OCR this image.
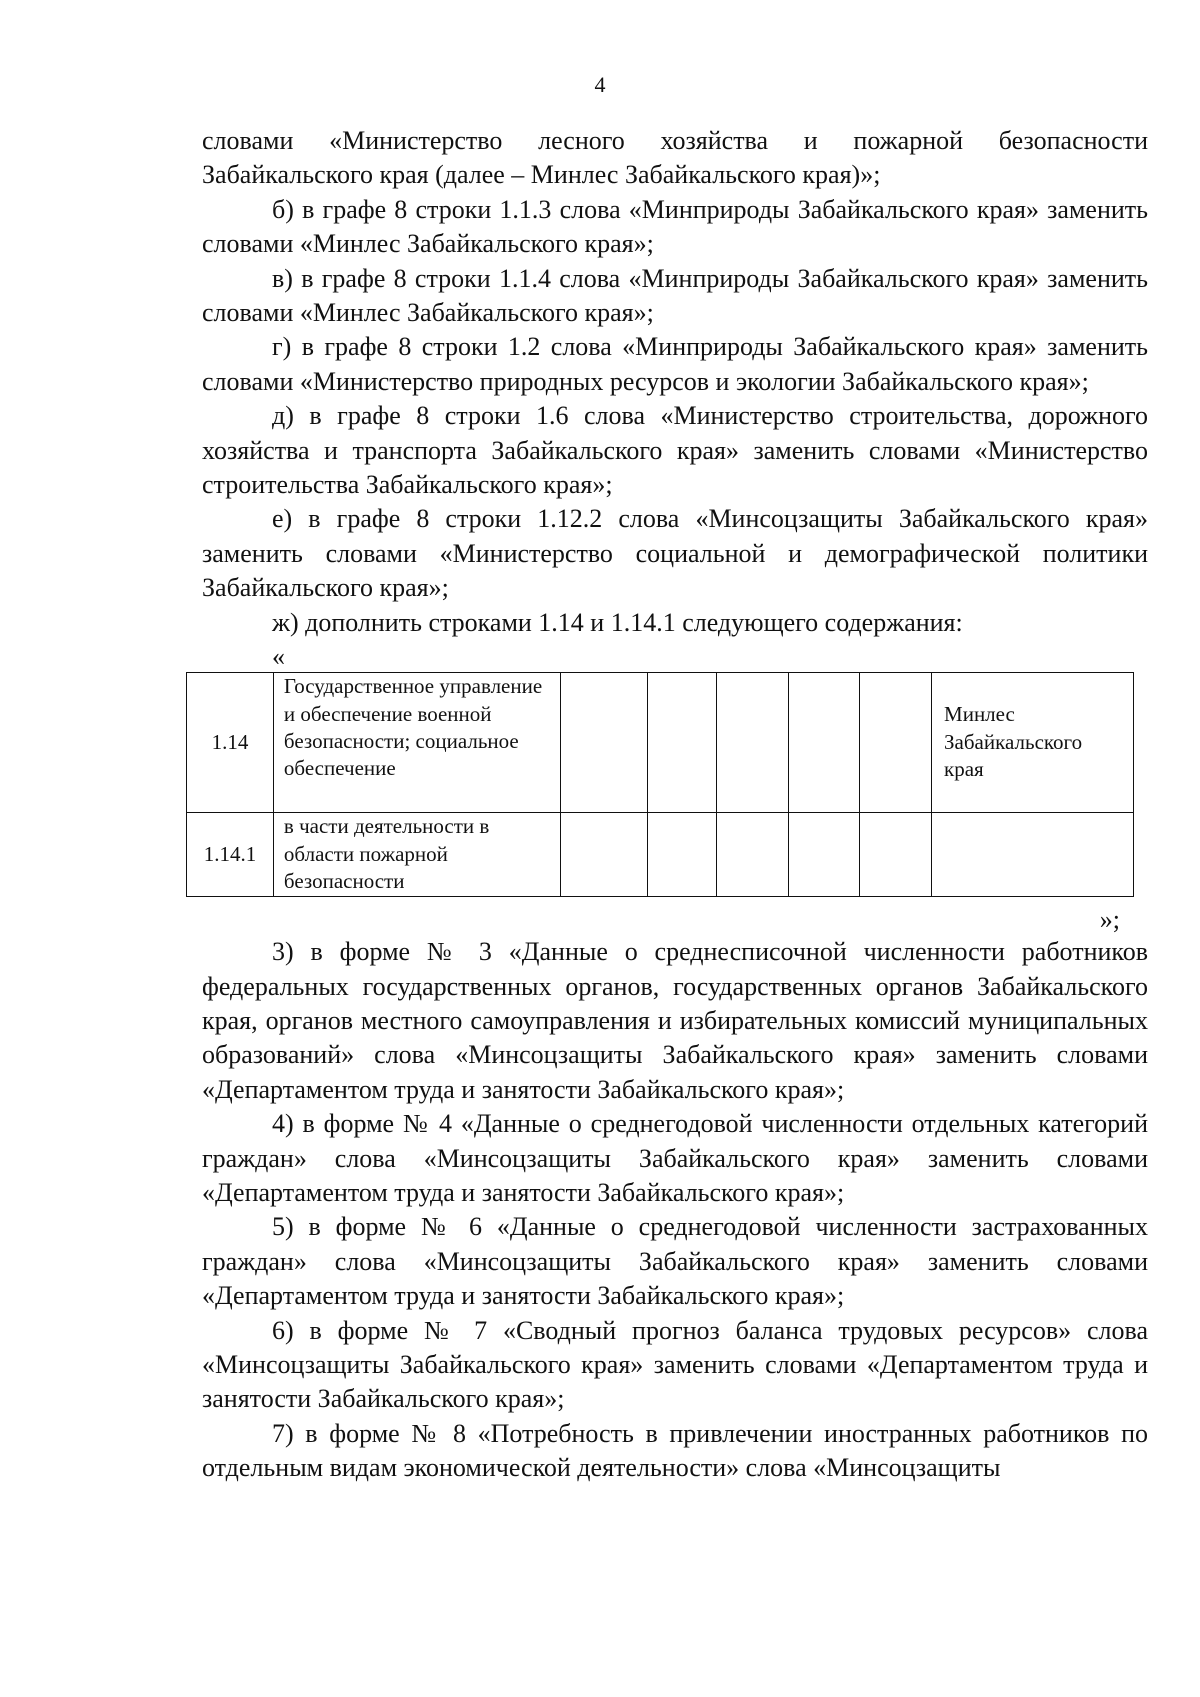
4

словами «Министерство лесного хозяйства и пожарной безопасности Забайкальского края (далее – Минлес Забайкальского края)»;

б) в графе 8 строки 1.1.3 слова «Минприроды Забайкальского края» заменить словами «Минлес Забайкальского края»;

в) в графе 8 строки 1.1.4 слова «Минприроды Забайкальского края» заменить словами «Минлес Забайкальского края»;

г) в графе 8 строки 1.2 слова «Минприроды Забайкальского края» заменить словами «Министерство природных ресурсов и экологии Забайкальского края»;

д) в графе 8 строки 1.6 слова «Министерство строительства, дорожного хозяйства и транспорта Забайкальского края» заменить словами «Министерство строительства Забайкальского края»;

е) в графе 8 строки 1.12.2 слова «Минсоцзащиты Забайкальского края» заменить словами «Министерство социальной и демографической политики Забайкальского края»;

ж) дополнить строками 1.14 и 1.14.1 следующего содержания:

«

1.14	Государственное управление и обеспечение военной безопасности; социальное обеспечение						Минлес Забайкальского края
1.14.1	в части деятельности в области пожарной безопасности						

»;

3) в форме № 3 «Данные о среднесписочной численности работников федеральных государственных органов, государственных органов Забайкальского края, органов местного самоуправления и избирательных комиссий муниципальных образований» слова «Минсоцзащиты Забайкальского края» заменить словами «Департаментом труда и занятости Забайкальского края»;

4) в форме № 4 «Данные о среднегодовой численности отдельных категорий граждан» слова «Минсоцзащиты Забайкальского края» заменить словами «Департаментом труда и занятости Забайкальского края»;

5) в форме № 6 «Данные о среднегодовой численности застрахованных граждан» слова «Минсоцзащиты Забайкальского края» заменить словами «Департаментом труда и занятости Забайкальского края»;

6) в форме № 7 «Сводный прогноз баланса трудовых ресурсов» слова «Минсоцзащиты Забайкальского края» заменить словами «Департаментом труда и занятости Забайкальского края»;

7) в форме № 8 «Потребность в привлечении иностранных работников по отдельным видам экономической деятельности» слова «Минсоцзащиты
